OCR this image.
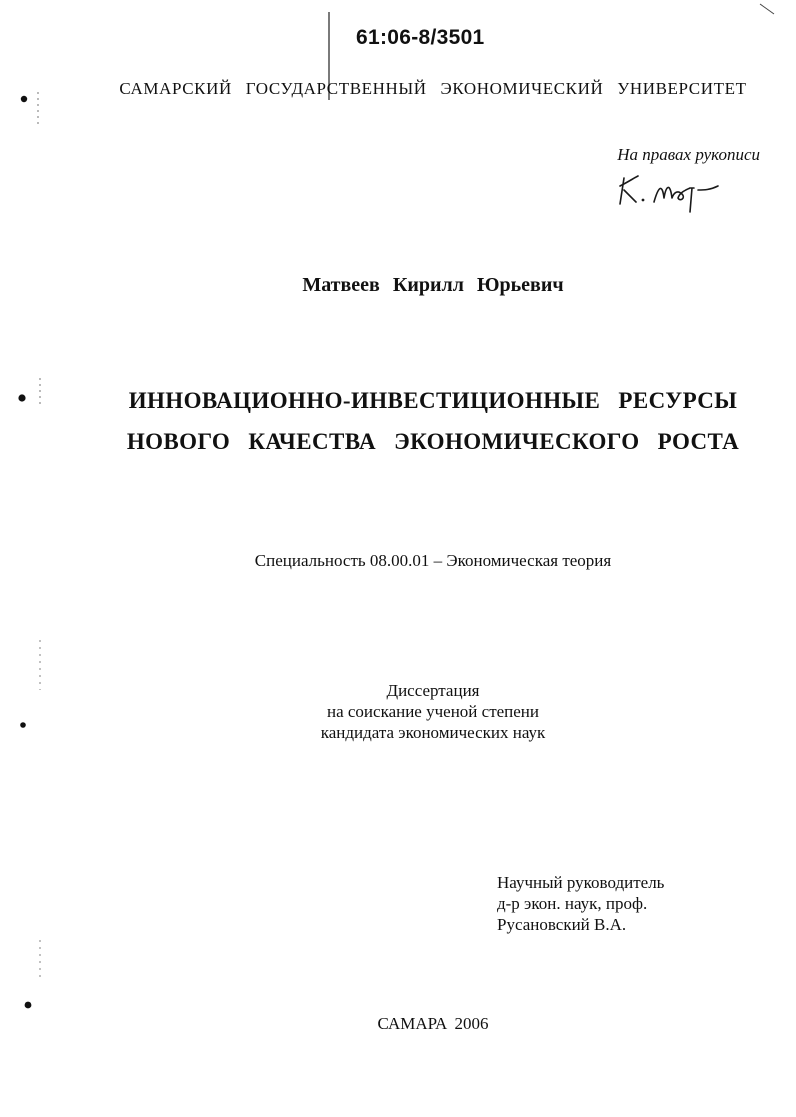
61:06-8/3501
САМАРСКИЙ ГОСУДАРСТВЕННЫЙ ЭКОНОМИЧЕСКИЙ УНИВЕРСИТЕТ
На правах рукописи
Матвеев Кирилл Юрьевич
ИННОВАЦИОННО-ИНВЕСТИЦИОННЫЕ РЕСУРСЫ
НОВОГО КАЧЕСТВА ЭКОНОМИЧЕСКОГО РОСТА
Специальность 08.00.01 – Экономическая теория
Диссертация
на соискание ученой степени
кандидата экономических наук
Научный руководитель
д-р экон. наук, проф.
Русановский В.А.
САМАРА 2006
